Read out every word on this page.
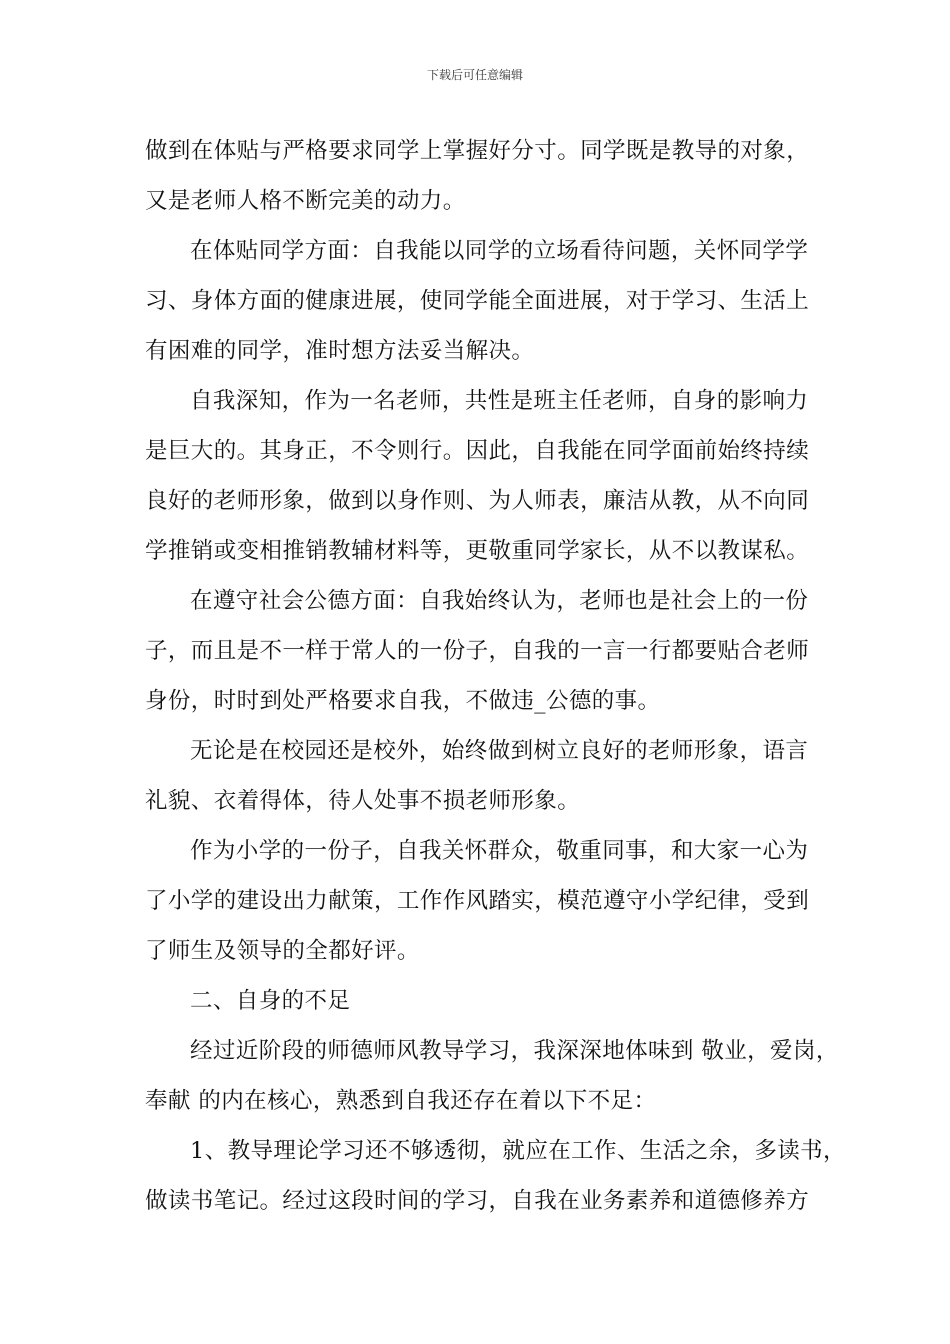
下载后可任意编辑
做到在体贴与严格要求同学上掌握好分寸。同学既是教导的对象，
又是老师人格不断完美的动力。
在体贴同学方面：自我能以同学的立场看待问题，关怀同学学
习、身体方面的健康进展，使同学能全面进展，对于学习、生活上
有困难的同学，准时想方法妥当解决。
自我深知，作为一名老师，共性是班主任老师，自身的影响力
是巨大的。其身正，不令则行。因此，自我能在同学面前始终持续
良好的老师形象，做到以身作则、为人师表，廉洁从教，从不向同
学推销或变相推销教辅材料等，更敬重同学家长，从不以教谋私。
在遵守社会公德方面：自我始终认为，老师也是社会上的一份
子，而且是不一样于常人的一份子，自我的一言一行都要贴合老师
身份，时时到处严格要求自我，不做违_公德的事。
无论是在校园还是校外，始终做到树立良好的老师形象，语言
礼貌、衣着得体，待人处事不损老师形象。
作为小学的一份子，自我关怀群众，敬重同事，和大家一心为
了小学的建设出力献策，工作作风踏实，模范遵守小学纪律，受到
了师生及领导的全都好评。
二、自身的不足
经过近阶段的师德师风教导学习，我深深地体味到 敬业，爱岗，
奉献 的内在核心，熟悉到自我还存在着以下不足：
1、教导理论学习还不够透彻，就应在工作、生活之余，多读书，
做读书笔记。经过这段时间的学习，自我在业务素养和道德修养方
